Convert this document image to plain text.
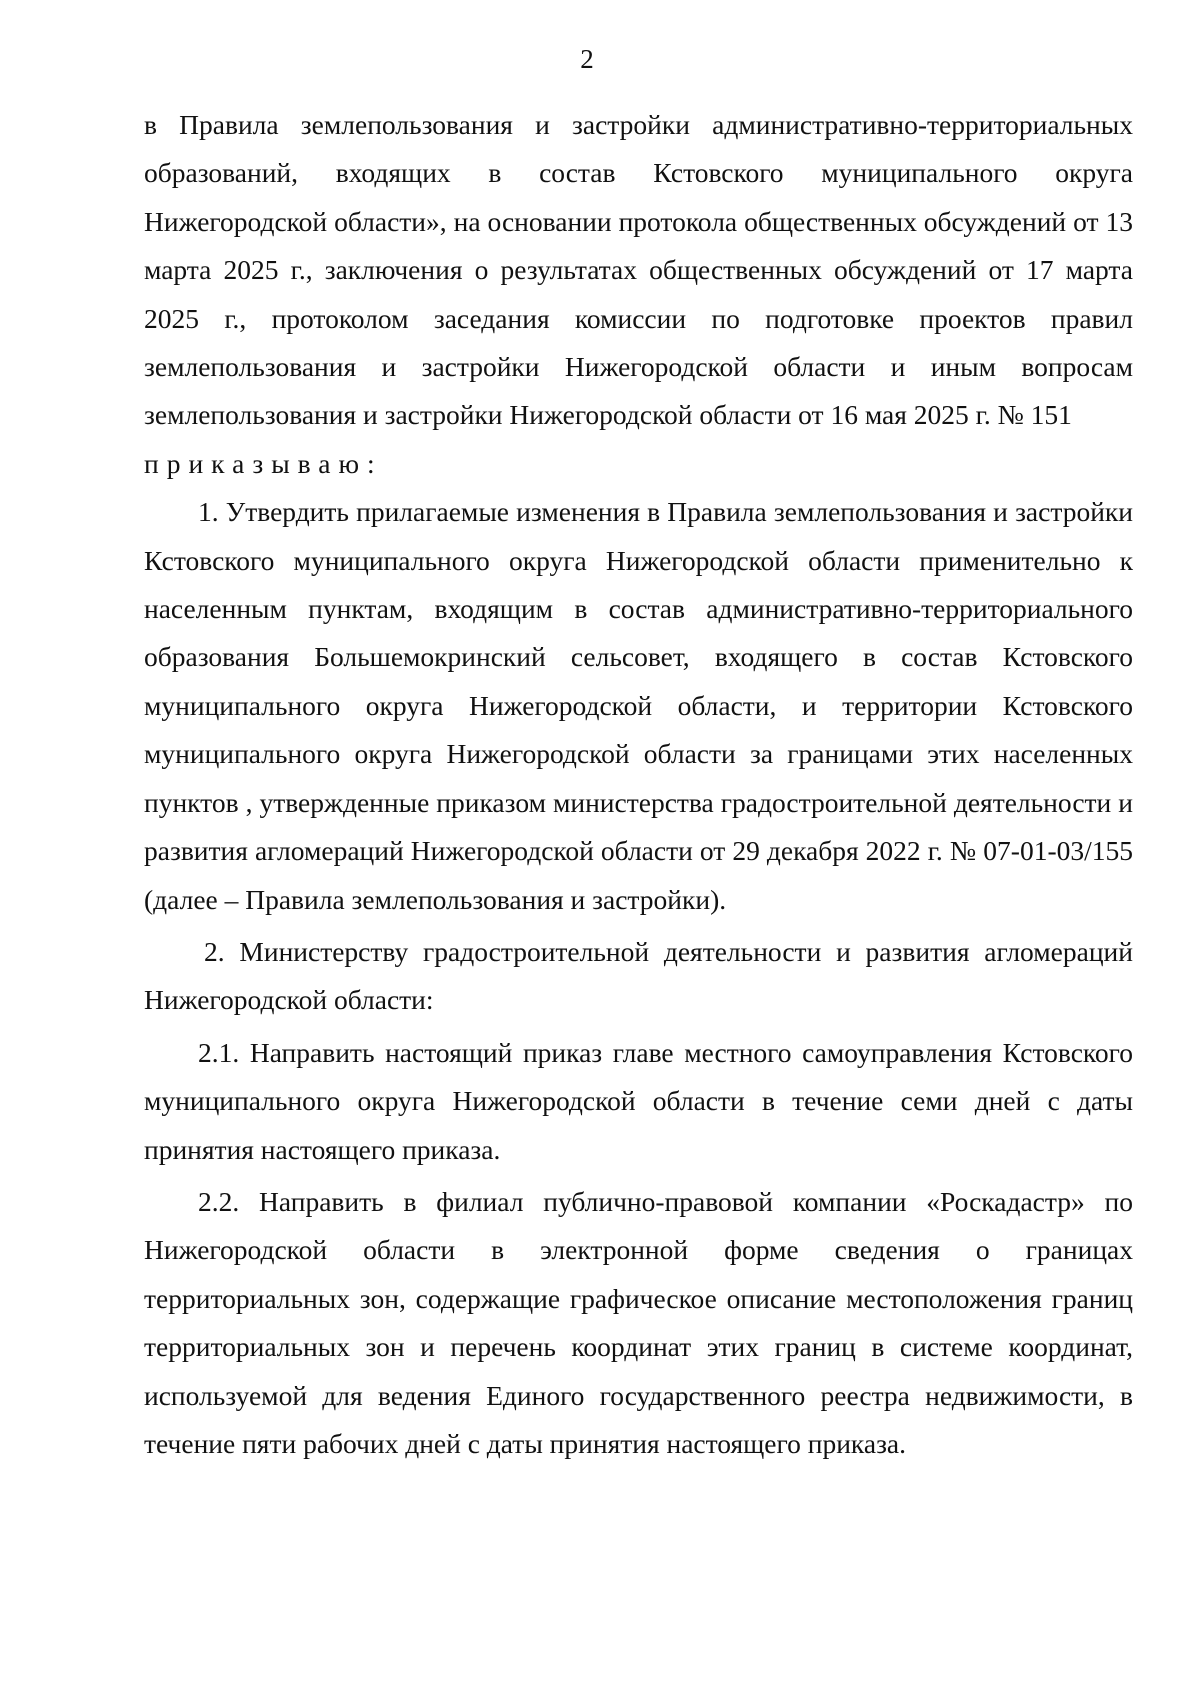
2

в Правила землепользования и застройки административно-территориальных образований, входящих в состав Кстовского муниципального округа Нижегородской области», на основании протокола общественных обсуждений от 13 марта 2025 г., заключения о результатах общественных обсуждений от 17 марта 2025 г., протоколом заседания комиссии по подготовке проектов правил землепользования и застройки Нижегородской области и иным вопросам землепользования и застройки Нижегородской области от 16 мая 2025 г. № 151

приказываю:

1. Утвердить прилагаемые изменения в Правила землепользования и застройки Кстовского муниципального округа Нижегородской области применительно к населенным пунктам, входящим в состав административно-территориального образования Большемокринский сельсовет, входящего в состав Кстовского муниципального округа Нижегородской области, и территории Кстовского муниципального округа Нижегородской области за границами этих населенных пунктов , утвержденные приказом министерства градостроительной деятельности и развития агломераций Нижегородской области от 29 декабря 2022 г. № 07-01-03/155 (далее – Правила землепользования и застройки).

2. Министерству градостроительной деятельности и развития агломераций Нижегородской области:

2.1. Направить настоящий приказ главе местного самоуправления Кстовского муниципального округа Нижегородской области в течение семи дней с даты принятия настоящего приказа.

2.2. Направить в филиал публично-правовой компании «Роскадастр» по Нижегородской области в электронной форме сведения о границах территориальных зон, содержащие графическое описание местоположения границ территориальных зон и перечень координат этих границ в системе координат, используемой для ведения Единого государственного реестра недвижимости, в течение пяти рабочих дней с даты принятия настоящего приказа.
